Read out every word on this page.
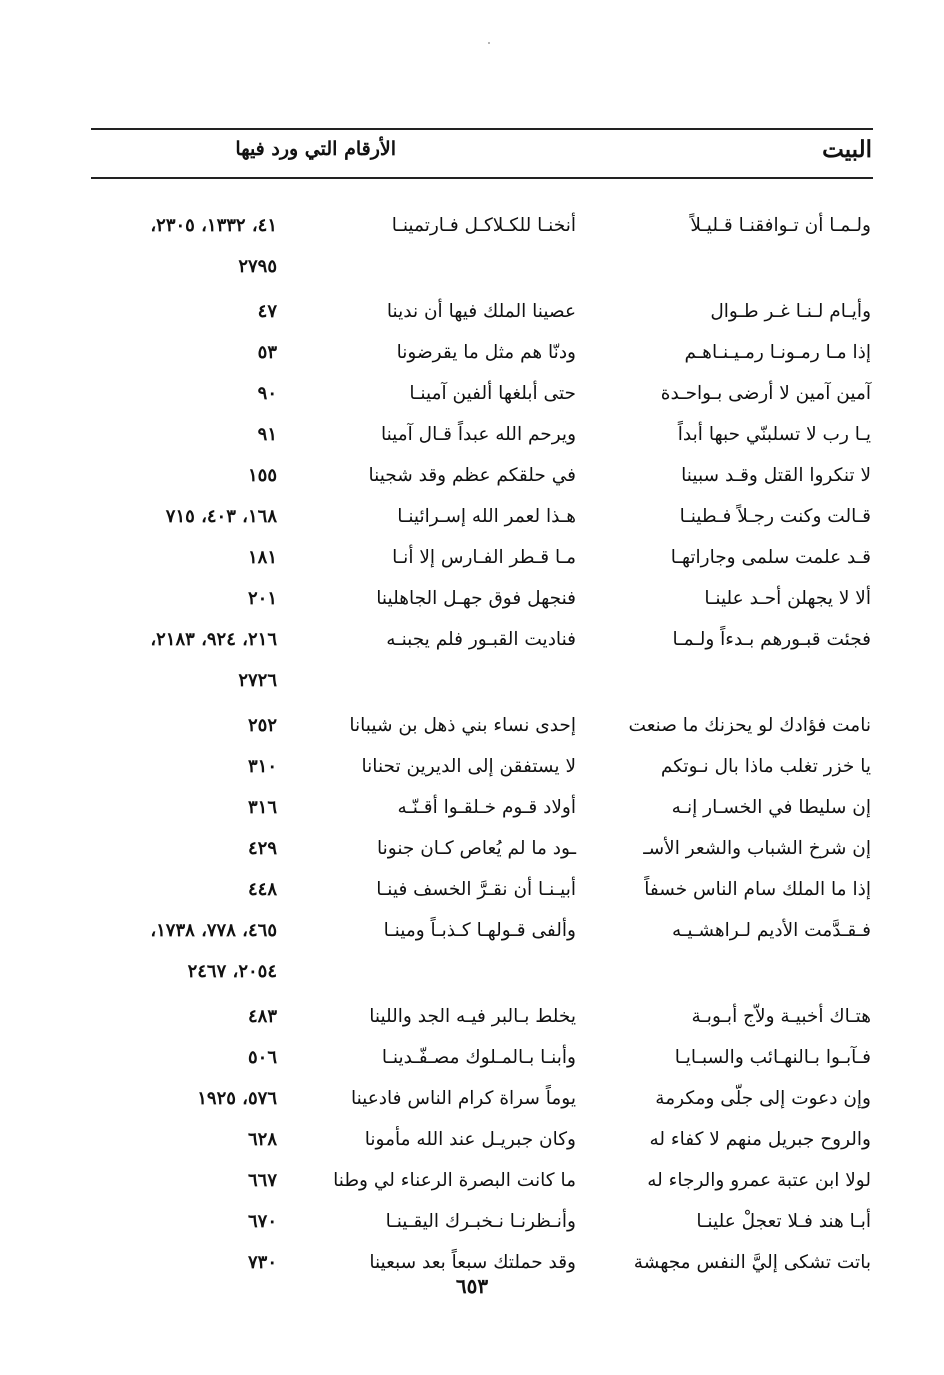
البيت
الأرقام التي ورد فيها
ولـمـا أن تـوافقنـا قـليـلاً
أنخنـا للكـلاكـل فـارتمينـا
٤١، ١٣٣٢، ٢٣٠٥،
٢٧٩٥
وأيـام لـنـا غـر طـوال
عصينا الملك فيها أن ندينا
٤٧
إذا مـا رمـونـا رمـيـنـاهـم
ودنّا هم مثل ما يقرضونا
٥٣
آمين آمين لا أرضى بـواحـدة
حتى أبلغها ألفين آمينـا
٩٠
يـا رب لا تسلبنّي حبها أبداً
ويرحم الله عبداً قـال آمينا
٩١
لا تنكروا القتل وقـد سبينا
في حلقكم عظم وقد شجينا
١٥٥
قـالت وكنت رجـلاً فـطينـا
هـذا لعمر الله إسـرائينـا
١٦٨، ٤٠٣، ٧١٥
قـد علمت سلمى وجاراتهـا
مـا قـطر الفـارس إلا أنـا
١٨١
ألا لا يجهلن أحـد علينـا
فنجهل فوق جهـل الجاهلينا
٢٠١
فجئت قبـورهم بـدءاً ولـمـا
فناديت القبـور فلم يجبنـه
٢١٦، ٩٢٤، ٢١٨٣،
٢٧٢٦
نامت فؤادك لو يحزنك ما صنعت
إحدى نساء بني ذهل بن شيبانا
٢٥٢
يا خزر تغلب ماذا بال نـوتكم
لا يستفقن إلى الديرين تحنانا
٣١٠
إن سليطا في الخسـار إنـه
أولاد قـوم خـلقـوا أقـنّـه
٣١٦
إن شرخ الشباب والشعر الأسـ
ـود ما لم يُعاص كـان جنونا
٤٢٩
إذا ما الملك سام الناس خسفاً
أبيـنـا أن نقـرَّ الخسف فينـا
٤٤٨
فـقـدَّمت الأديم لـراهشـيـه
وألفى قـولهـا كـذبـاً ومينـا
٤٦٥، ٧٧٨، ١٧٣٨،
٢٠٥٤، ٢٤٦٧
هتـاك أخبيـة ولاّج أبـوبـة
يخلط بـالبر فيـه الجد واللينا
٤٨٣
فـآبـوا بـالنهـائب والسبـايـا
وأبنـا بـالمـلوك مصـفّـدينـا
٥٠٦
وإن دعوت إلى جلّى ومكرمة
يوماً سراة كرام الناس فادعينا
٥٧٦، ١٩٢٥
والروح جبريل منهم لا كفاء له
وكان جبريـل عند الله مأمونا
٦٢٨
لولا ابن عتبة عمرو والرجاء له
ما كانت البصرة الرعناء لي وطنا
٦٦٧
أبـا هند فـلا تعجلْ علينـا
وأنـظرنـا نـخبـرك اليقـينـا
٦٧٠
باتت تشكى إليَّ النفس مجهشة
وقد حملتك سبعاً بعد سبعينا
٧٣٠
٦٥٣
